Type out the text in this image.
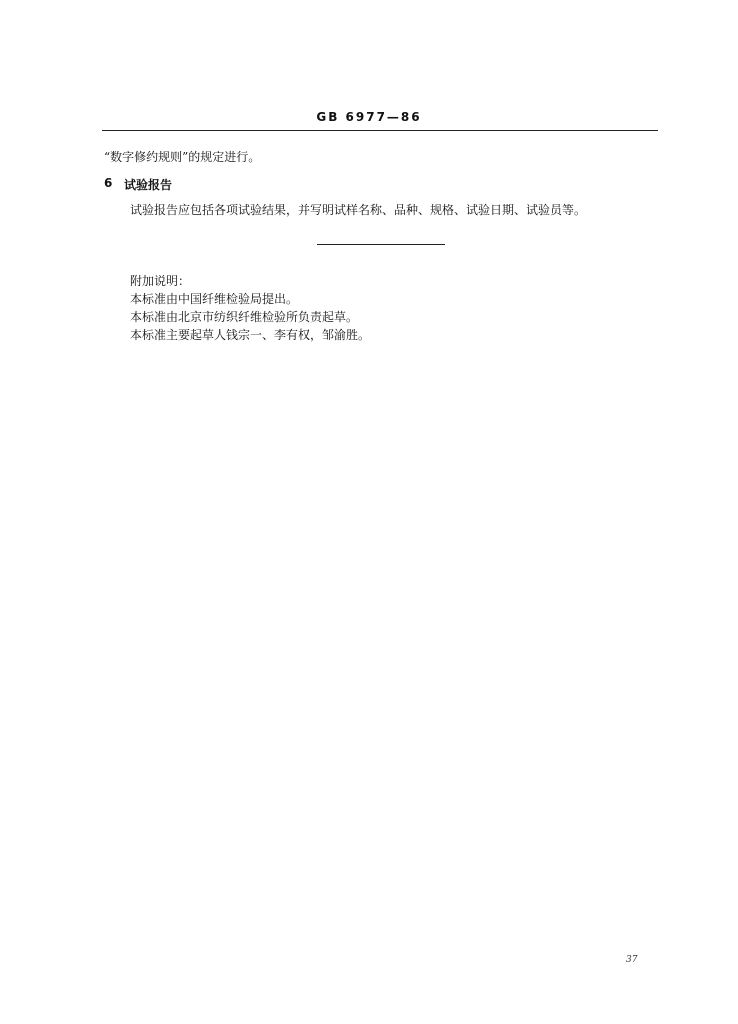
GB 6977—86
“数字修约规则”的规定进行。
6 试验报告
试验报告应包括各项试验结果，并写明试样名称、品种、规格、试验日期、试验员等。
附加说明：
本标准由中国纤维检验局提出。
本标准由北京市纺织纤维检验所负责起草。
本标准主要起草人钱宗一、李有权，邹渝胜。
37
